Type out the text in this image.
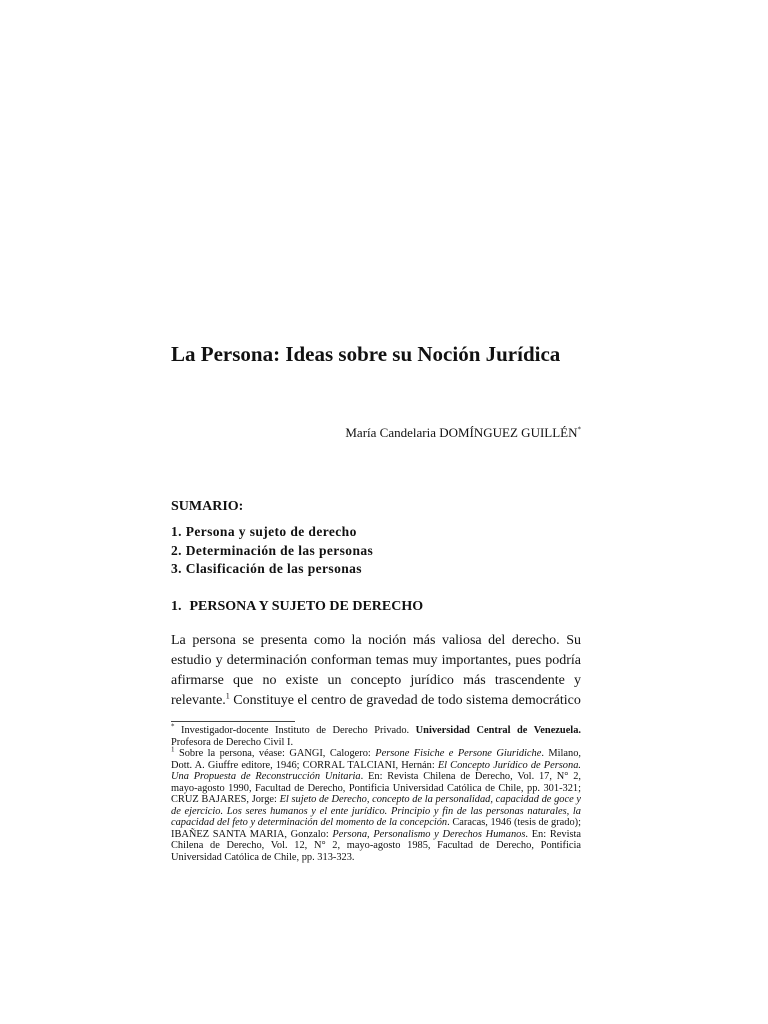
La Persona: Ideas sobre su Noción Jurídica
María Candelaria DOMÍNGUEZ GUILLÉN*
SUMARIO:
1. Persona y sujeto de derecho
2. Determinación de las personas
3. Clasificación de las personas
1. PERSONA Y SUJETO DE DERECHO

La persona se presenta como la noción más valiosa del derecho. Su estudio y determinación conforman temas muy importantes, pues podría afirmarse que no existe un concepto jurídico más trascendente y relevante.$^1$ Constituye el centro de gravedad de todo sistema democrático

* Investigador-docente Instituto de Derecho Privado. Universidad Central de Venezuela. Profesora de Derecho Civil I.

$^1$ Sobre la persona, véase: GANGI, Calogero: Persone Fisiche e Persone Giuridiche. Milano, Dott. A. Giuffre editore, 1946; CORRAL TALCIANI, Hernán: El Concepto Jurídico de Persona. Una Propuesta de Reconstrucción Unitaria. En: Revista Chilena de Derecho, Vol. 17, N° 2, mayo-agosto 1990, Facultad de Derecho, Pontificia Universidad Católica de Chile, pp. 301-321; CRUZ BAJARES, Jorge: El sujeto de Derecho, concepto de la personalidad, capacidad de goce y de ejercicio. Los seres humanos y el ente jurídico. Principio y fin de las personas naturales, la capacidad del feto y determinación del momento de la concepción. Caracas, 1946 (tesis de grado); IBAÑEZ SANTA MARIA, Gonzalo: Persona, Personalismo y Derechos Humanos. En: Revista Chilena de Derecho, Vol. 12, N° 2, mayo-agosto 1985, Facultad de Derecho, Pontificia Universidad Católica de Chile, pp. 313-323.
